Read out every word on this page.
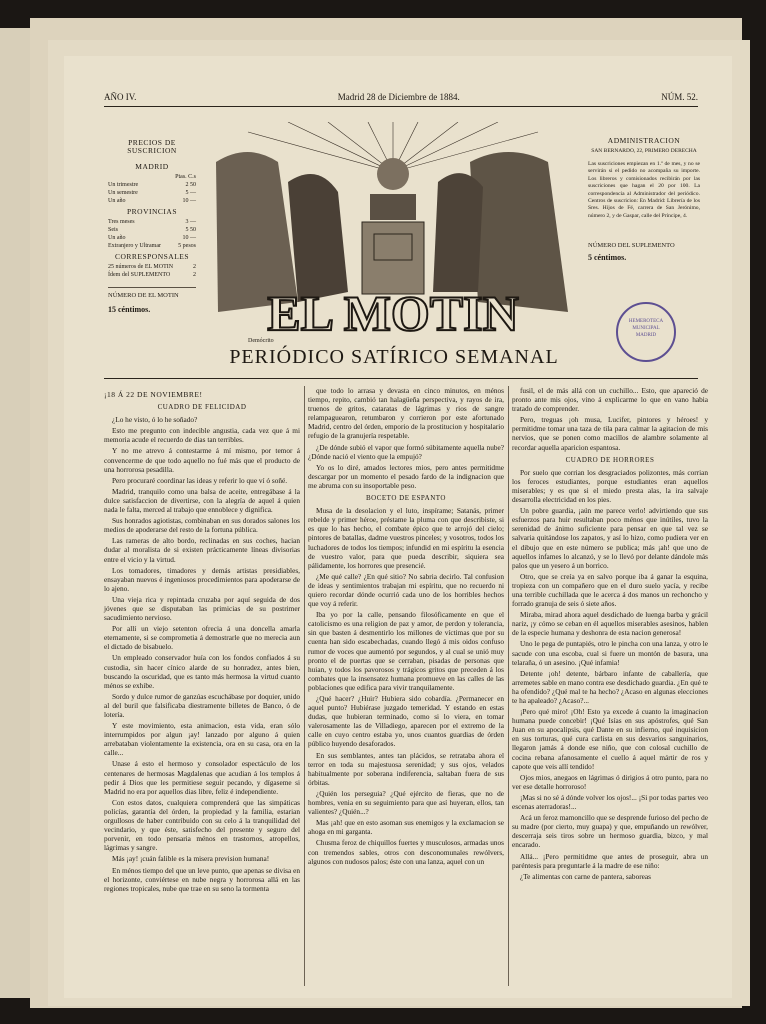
AÑO IV.	Madrid 28 de Diciembre de 1884.	NÚM. 52.
PRECIOS DE SUSCRICION
MADRID
Ptas. C.s
Un trimestre	2 50
Un semestre	5 —
Un año	10 —
PROVINCIAS
Tres meses	3 —
Seis	5 50
Un año	10 —
Extranjero y Ultramar	5 pesos
CORRESPONSALES
25 números de EL MOTIN	2
Ídem del SUPLEMENTO	2
NÚMERO DE EL MOTIN
15 céntimos.
ADMINISTRACION
SAN BERNARDO, 22, PRIMERO DERECHA
Las suscriciones empiezan en 1.º de mes, y no se servirán si el pedido no acompaña su importe. Los libreros y comisionados recibirán por las suscriciones que hagan el 20 por 100. La correspondencia al Administrador del periódico. Centros de suscricion: En Madrid: Librería de los Sres. Hijos de Fé, carrera de San Jerónimo, número 2, y de Gaspar, calle del Príncipe, 4.
NÚMERO DEL SUPLEMENTO
5 céntimos.
EL MOTIN
Demócrito
PERIÓDICO SATÍRICO SEMANAL
HEMEROTECA MUNICIPAL MADRID

¡18 Á 22 DE NOVIEMBRE!

CUADRO DE FELICIDAD

¿Lo he visto, ó lo he soñado?

Esto me pregunto con indecible angustia, cada vez que á mi memoria acude el recuerdo de dias tan terribles.

Y no me atrevo á contestarme á mí mismo, por temor á convencerme de que todo aquello no fué más que el producto de una horrorosa pesadilla.

Pero procuraré coordinar las ideas y referir lo que ví ó soñé.

Madrid, tranquilo como una balsa de aceite, entregábase á la dulce satisfaccion de divertirse, con la alegría de aquel á quien nada le falta, merced al trabajo que ennoblece y dignifica.

Sus honrados agiotistas, combinaban en sus dorados salones los medios de apoderarse del resto de la fortuna pública.

Las rameras de alto bordo, reclinadas en sus coches, hacian dudar al moralista de si existen prácticamente líneas divisorias entre el vicio y la virtud.

Los tomadores, timadores y demás artistas presidiables, ensayaban nuevos é ingeniosos procedimientos para apoderarse de lo ajeno.

Una vieja rica y repintada cruzaba por aquí seguida de dos jóvenes que se disputaban las primicias de su postrimer sacudimiento nervioso.

Por allí un viejo setenton ofrecia á una doncella amarla eternamente, si se comprometia á demostrarle que no merecia aun el dictado de bisabuelo.

Un empleado conservador huía con los fondos confiados á su custodia, sin hacer cínico alarde de su honradez, antes bien, buscando la oscuridad, que es tanto más hermosa la virtud cuanto ménos se exhibe.

Sordo y dulce rumor de ganzúas escuchábase por doquier, unido al del buril que falsificaba diestramente billetes de Banco, ó de lotería.

Y este movimiento, esta animacion, esta vida, eran sólo interrumpidos por algun ¡ay! lanzado por alguno á quien arrebataban violentamente la existencia, ora en su casa, ora en la calle...

Unase á esto el hermoso y consolador espectáculo de los centenares de hermosas Magdalenas que acudian á los templos á pedir á Dios que les permitiese seguir pecando, y dígaseme si Madrid no era por aquellos dias libre, feliz é independiente.

Con estos datos, cualquiera comprenderá que las simpáticas policías, garantía del órden, la propiedad y la familia, estarian orgullosos de haber contribuido con su celo á la tranquilidad del vecindario, y que éste, satisfecho del presente y seguro del porvenir, en todo pensaria ménos en trastornos, atropellos, lágrimas y sangre.

Más ¡ay! ¡cuán falible es la misera prevision humana!

En ménos tiempo del que un leve punto, que apenas se divisa en el horizonte, conviértese en nube negra y horrorosa allá en las regiones tropicales, nube que trae en su seno la tormenta

que todo lo arrasa y devasta en cinco minutos, en ménos tiempo, repito, cambió tan halagüeña perspectiva, y rayos de ira, truenos de gritos, cataratas de lágrimas y rios de sangre relampaguearon, retumbaron y corrieron por este afortunado Madrid, centro del órden, emporio de la prostitucion y hospitalario refugio de la granujería respetable.

¿De dónde subió el vapor que formó súbitamente aquella nube? ¿Dónde nació el viento que la empujó?

Yo os lo diré, amados lectores mios, pero antes permitidme descargar por un momento el pesado fardo de la indignacion que me abruma con su insoportable peso.

BOCETO DE ESPANTO

Musa de la desolacion y el luto, inspírame; Satanás, primer rebelde y primer héroe, préstame la pluma con que describiste, si es que lo has hecho, el combate épico que te arrojó del cielo; pintores de batallas, dadme vuestros pinceles; y vosotros, todos los luchadores de todos los tiempos; infundid en mi espíritu la esencia de vuestro valor, para que pueda describir, siquiera sea pálidamente, los horrores que presencié.

¿Me qué calle? ¿En qué sitio? No sabria decirlo. Tal confusion de ideas y sentimientos trabajan mi espíritu, que no recuerdo ni quiero recordar dónde ocurrió cada uno de los horribles hechos que voy á referir.

Iba yo por la calle, pensando filosóficamente en que el catolicismo es una religion de paz y amor, de perdon y tolerancia, sin que basten á desmentirlo los millones de víctimas que por su cuenta han sido escabechadas, cuando llegó á mis oidos confuso rumor de voces que aumentó por segundos, y al cual se unió muy pronto el de puertas que se cerraban, pisadas de personas que huian, y todos los pavorosos y trágicos gritos que preceden á los combates que la insensatez humana promueve en las calles de las poblaciones que edifica para vivir tranquilamente.

¿Qué hacer? ¿Huir? Hubiera sido cobardía. ¿Permanecer en aquel punto? Hubiérase juzgado temeridad. Y estando en estas dudas, que hubieran terminado, como si lo viera, en tomar valerosamente las de Villadiego, aparecen por el extremo de la calle en cuyo centro estaba yo, unos cuantos guardias de órden público huyendo desaforados.

En sus semblantes, antes tan plácidos, se retrataba ahora el terror en toda su majestuosa serenidad; y sus ojos, velados habitualmente por soberana indiferencia, saltaban fuera de sus órbitas.

¿Quién los perseguia? ¿Qué ejército de fieras, que no de hombres, venia en su seguimiento para que así huyeran, ellos, tan valientes? ¿Quién...?

Mas ¡ah! que en esto asoman sus enemigos y la exclamacion se ahoga en mi garganta.

Chusma feroz de chiquillos fuertes y musculosos, armadas unos con tremendos sables, otros con desconomunales rewólvers, algunos con nudosos palos; éste con una lanza, aquel con un

fusil, el de más allá con un cuchillo... Esto, que apareció de pronto ante mis ojos, vino á explicarme lo que en vano habia tratado de comprender.

Pero, treguas ¡oh musa, Lucifer, pintores y héroes! y permitidme tomar una taza de tila para calmar la agitacion de mis nervios, que se ponen como macillos de alambre solamente al recordar aquella aparicion espantosa.

CUADRO DE HORRORES

Por suelo que corrian los desgraciados polizontes, más corrian los feroces estudiantes, porque estudiantes eran aquellos miserables; y es que si el miedo presta alas, la ira salvaje desarrolla electricidad en los pies.

Un pobre guardia, ¡aún me parece verlo! advirtiendo que sus esfuerzos para huir resultaban poco ménos que inútiles, tuvo la serenidad de ánimo suficiente para pensar en que tal vez se salvaria quitándose los zapatos, y así lo hizo, como pudiera ver en el dibujo que en este número se publica; más ¡ah! que uno de aquellos infames lo alcanzó, y se lo llevó por delante dándole más palos que un yesero á un borrico.

Otro, que se creía ya en salvo porque iba á ganar la esquina, tropieza con un compañero que en el duro suelo yacía, y recibe una terrible cuchillada que le acerca á dos manos un rechoncho y forrado granuja de seis ó siete años.

Miraba, mirad ahora aquel desdichado de luenga barba y grácil nariz, ¡y cómo se ceban en él aquellos miserables asesinos, hablen de la especie humana y deshonra de esta nacion generosa!

Uno le pega de puntapiés, otro le pincha con una lanza, y otro le sacude con una escoba, cual si fuere un montón de basura, una telaraña, ó un asesino. ¡Qué infamia!

Detente ¡oh! detente, bárbaro infante de caballería, que arremetes sable en mano contra ese desdichado guardia. ¿En qué te ha ofendido? ¿Qué mal te ha hecho? ¿Acaso en algunas elecciones te ha apaleado? ¿Acaso?...

¡Pero qué miro! ¡Oh! Esto ya excede á cuanto la imaginacion humana puede concebir! ¡Qué Isías en sus apóstrofes, qué San Juan en su apocalipsis, qué Dante en su infierno, qué inquisicion en sus torturas, qué cura carlista en sus desvarios sanguinarios, llegaron jamás á donde ese niño, que con colosal cuchillo de cocina rebana afanosamente el cuello á aquel mártir de ros y capote que veis allí tendido!

Ojos mios, anegaos en lágrimas ó dirigios á otro punto, para no ver ese detalle horroroso!

¡Mas si no sé á dónde volver los ojos!... ¡Si por todas partes veo escenas aterradoras!...

Acá un feroz mamoncillo que se desprende furioso del pecho de su madre (por cierto, muy guapa) y que, empuñando un rewólver, descerraja seis tiros sobre un hermoso guardia, bizco, y mal encarado.

Allá... ¡Pero permitidme que antes de proseguir, abra un paréntesis para preguntarle á la madre de ese niño:

¿Te alimentas con carne de pantera, saboreas
